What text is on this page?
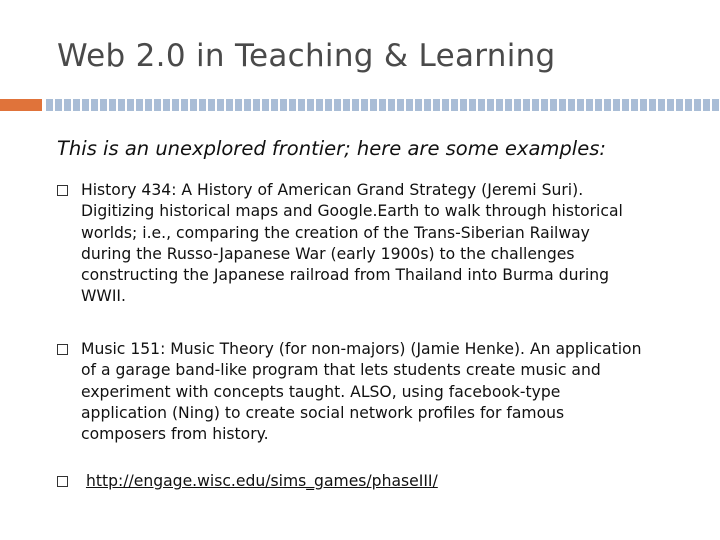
Web 2.0 in Teaching & Learning
This is an unexplored frontier; here are some examples:
History 434: A History of American Grand Strategy (Jeremi Suri).
Digitizing historical maps and Google.Earth to walk through historical
worlds; i.e., comparing the creation of the Trans-Siberian Railway
during the Russo-Japanese War (early 1900s) to the challenges
constructing the Japanese railroad from Thailand into Burma during
WWII.
Music 151: Music Theory (for non-majors) (Jamie Henke). An application
of a garage band-like program that lets students create music and
experiment with concepts taught. ALSO, using facebook-type
application (Ning) to create social network profiles for famous
composers from history.
http://engage.wisc.edu/sims_games/phaseIII/
